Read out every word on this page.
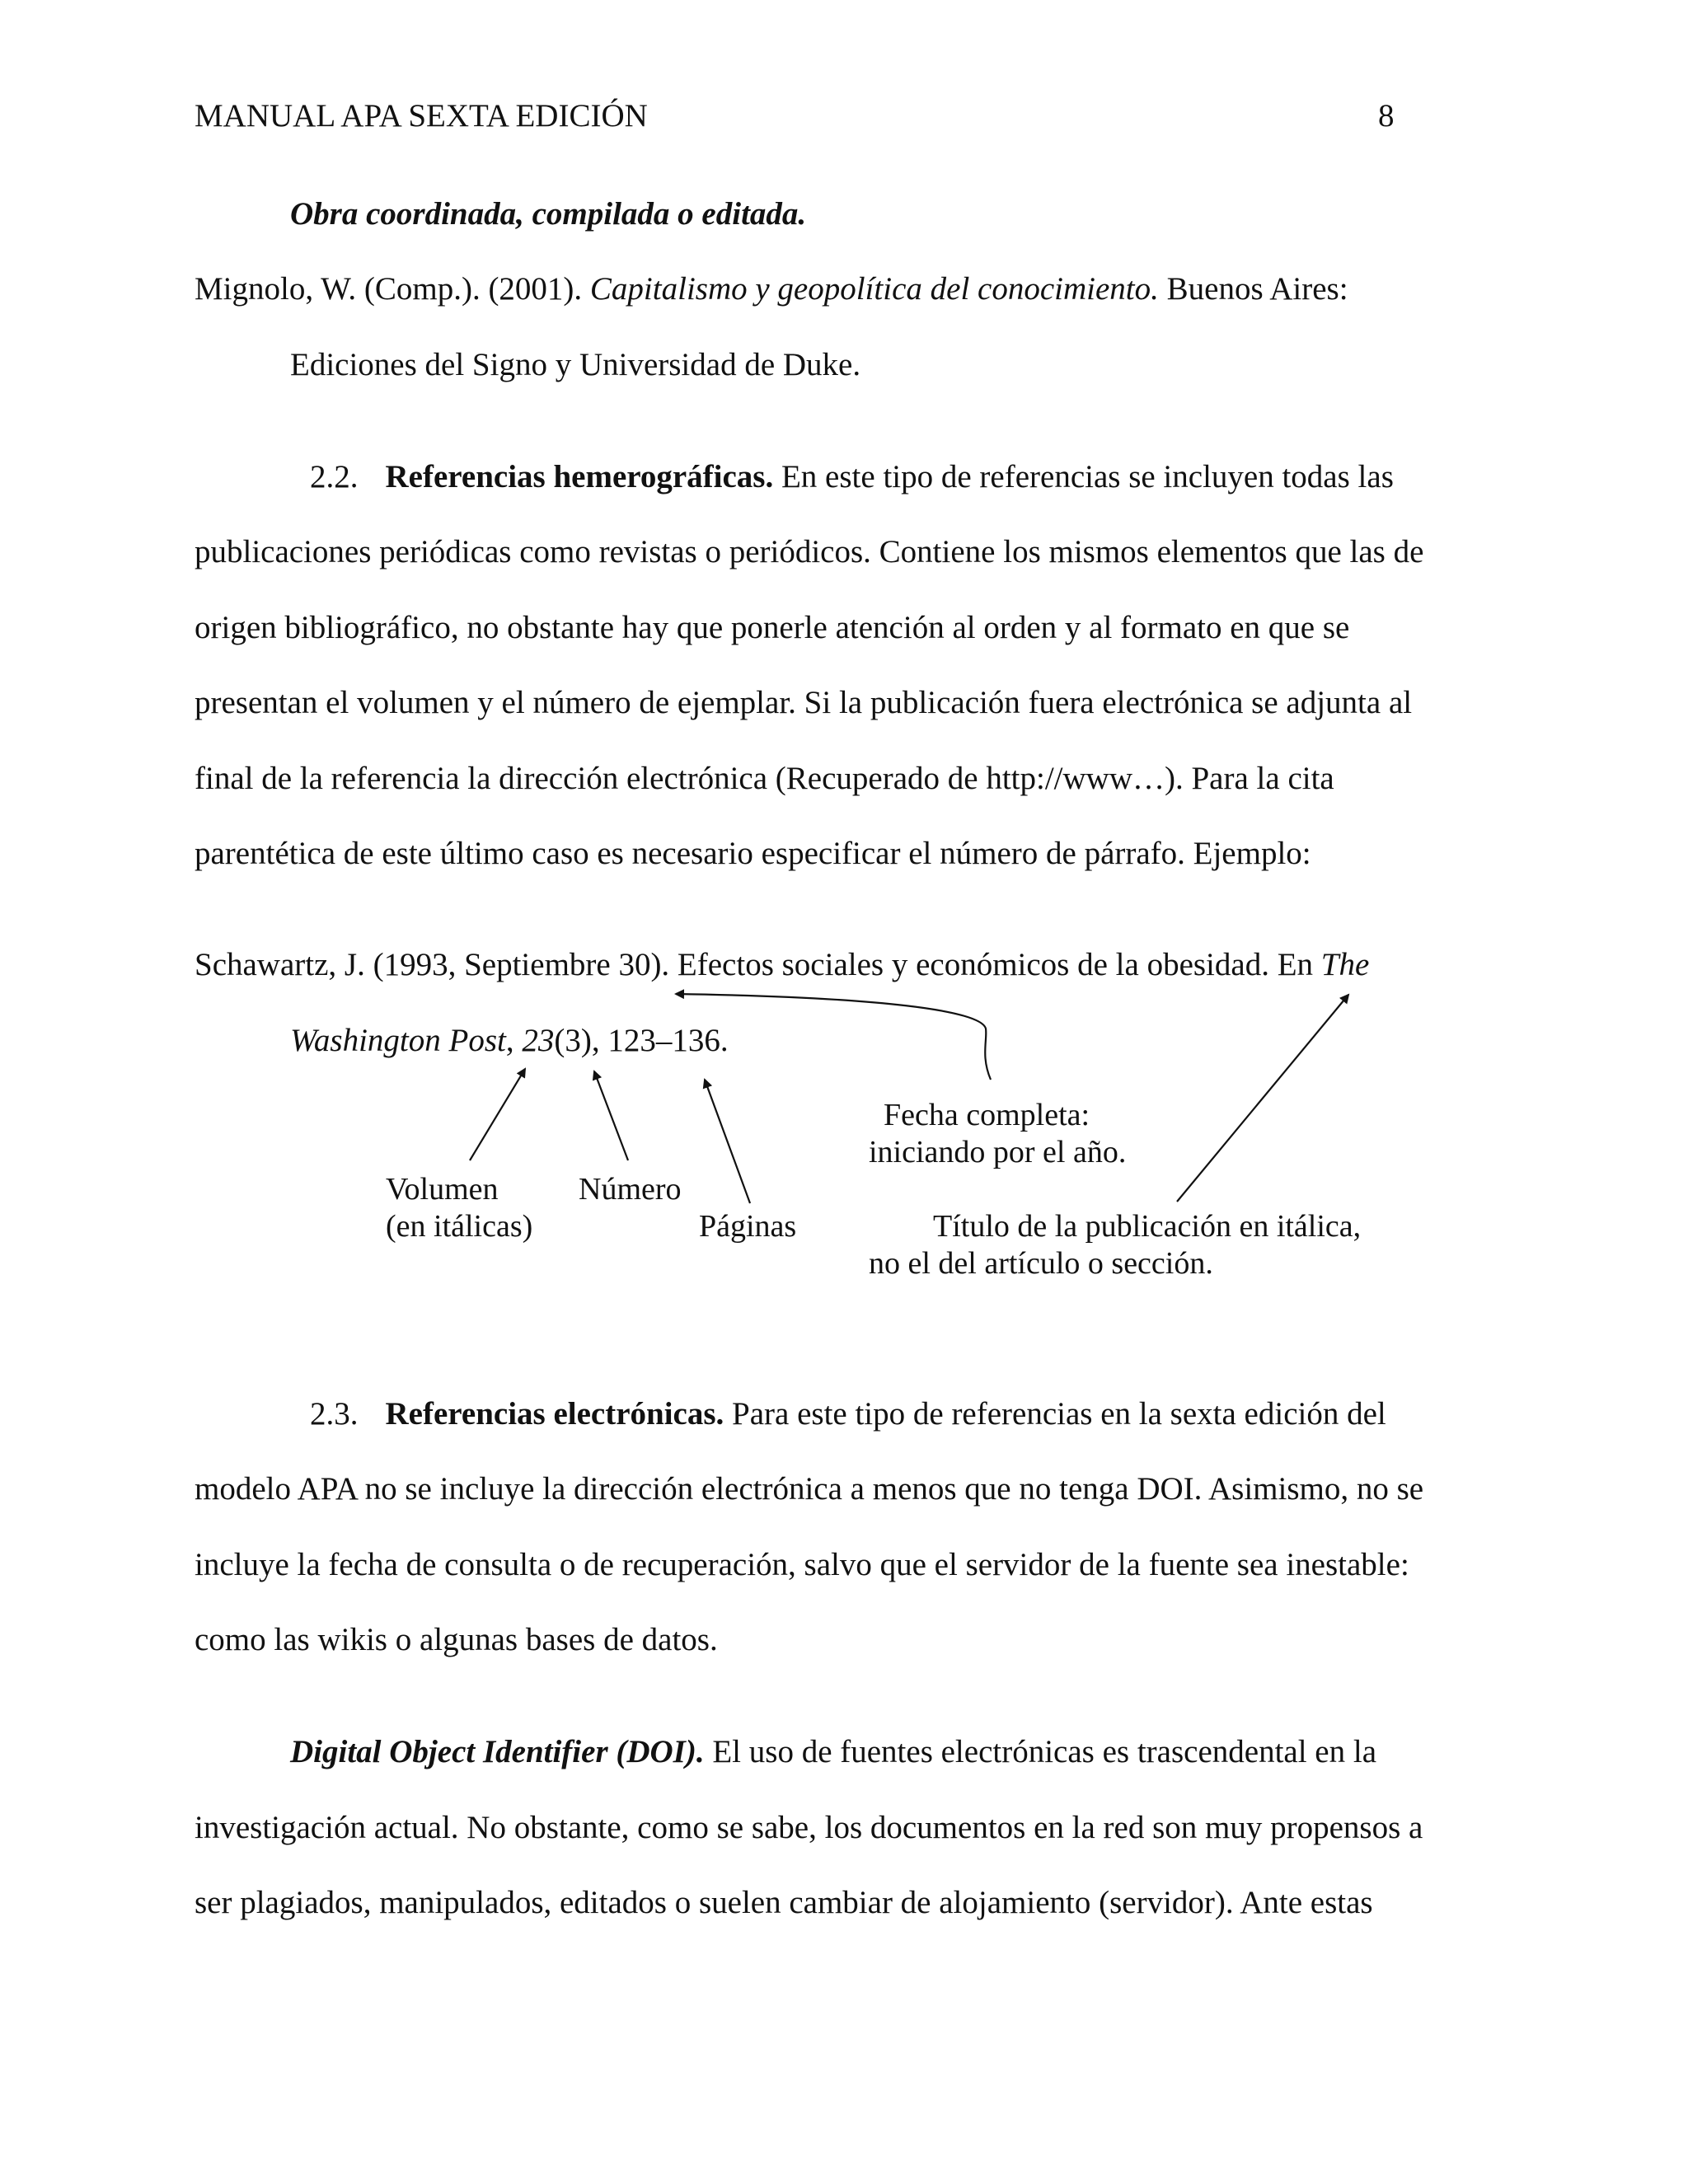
MANUAL APA SEXTA EDICIÓN	8
Obra coordinada, compilada o editada.
Mignolo, W. (Comp.). (2001). Capitalismo y geopolítica del conocimiento. Buenos Aires:
Ediciones del Signo y Universidad de Duke.
2.2. Referencias hemerográficas. En este tipo de referencias se incluyen todas las
publicaciones periódicas como revistas o periódicos. Contiene los mismos elementos que las de
origen bibliográfico, no obstante hay que ponerle atención al orden y al formato en que se
presentan el volumen y el número de ejemplar. Si la publicación fuera electrónica se adjunta al
final de la referencia la dirección electrónica (Recuperado de http://www…). Para la cita
parentética de este último caso es necesario especificar el número de párrafo. Ejemplo:
Schawartz, J. (1993, Septiembre 30). Efectos sociales y económicos de la obesidad. En The
Washington Post, 23(3), 123–136.
Fecha completa:
iniciando por el año.
Volumen
(en itálicas)
Número
Páginas	Título de la publicación en itálica,
no el del artículo o sección.
2.3. Referencias electrónicas. Para este tipo de referencias en la sexta edición del
modelo APA no se incluye la dirección electrónica a menos que no tenga DOI. Asimismo, no se
incluye la fecha de consulta o de recuperación, salvo que el servidor de la fuente sea inestable:
como las wikis o algunas bases de datos.
Digital Object Identifier (DOI). El uso de fuentes electrónicas es trascendental en la
investigación actual. No obstante, como se sabe, los documentos en la red son muy propensos a
ser plagiados, manipulados, editados o suelen cambiar de alojamiento (servidor). Ante estas
